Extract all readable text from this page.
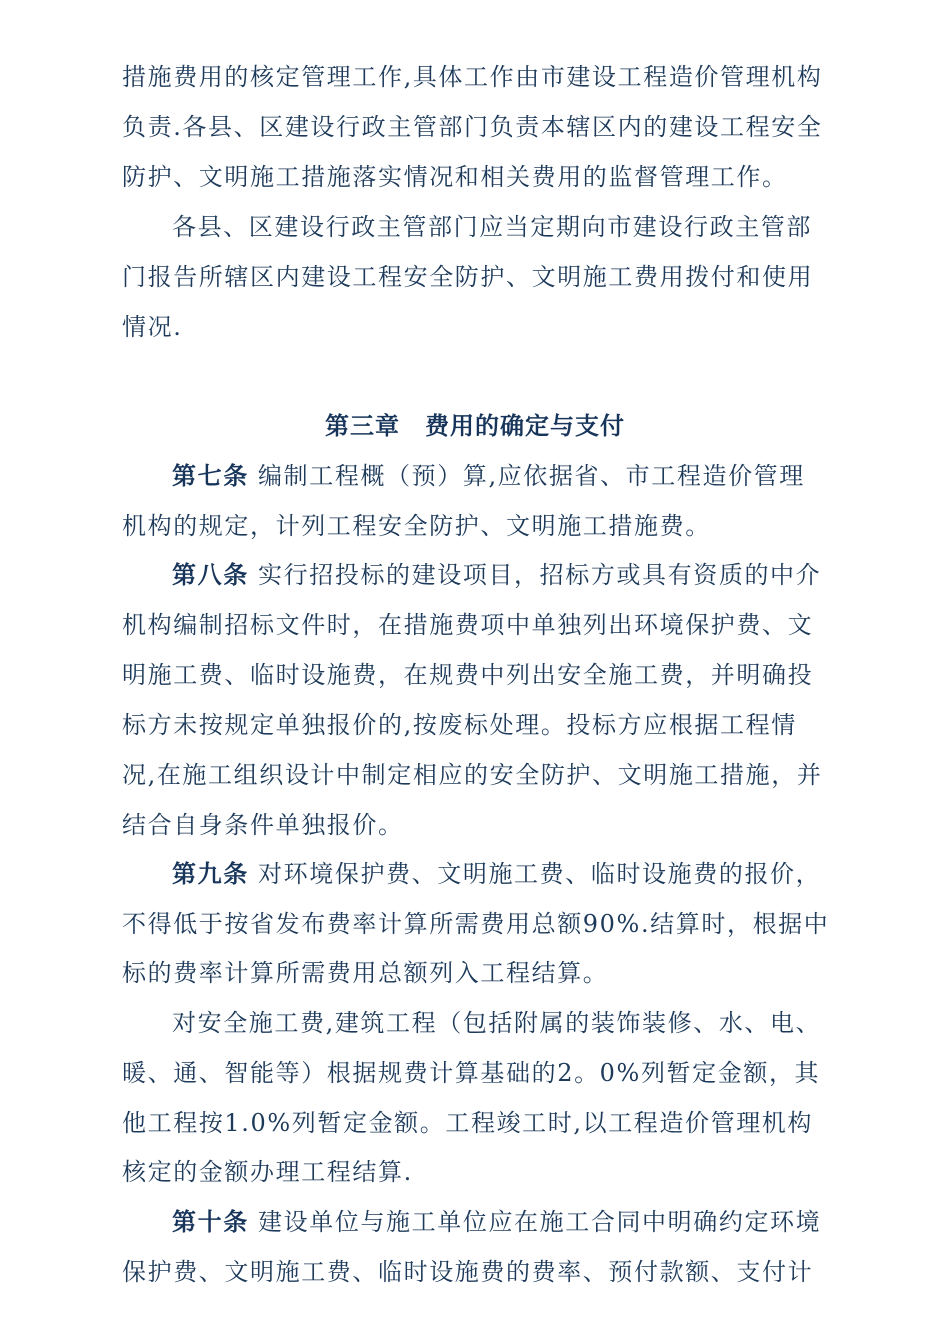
措施费用的核定管理工作,具体工作由市建设工程造价管理机构
负责.各县、区建设行政主管部门负责本辖区内的建设工程安全
防护、文明施工措施落实情况和相关费用的监督管理工作。
各县、区建设行政主管部门应当定期向市建设行政主管部
门报告所辖区内建设工程安全防护、文明施工费用拨付和使用
情况.
第三章　费用的确定与支付
第七条 编制工程概（预）算,应依据省、市工程造价管理
机构的规定，计列工程安全防护、文明施工措施费。
第八条 实行招投标的建设项目，招标方或具有资质的中介
机构编制招标文件时，在措施费项中单独列出环境保护费、文
明施工费、临时设施费，在规费中列出安全施工费，并明确投
标方未按规定单独报价的,按废标处理。投标方应根据工程情
况,在施工组织设计中制定相应的安全防护、文明施工措施，并
结合自身条件单独报价。
第九条 对环境保护费、文明施工费、临时设施费的报价，
不得低于按省发布费率计算所需费用总额90%.结算时，根据中
标的费率计算所需费用总额列入工程结算。
对安全施工费,建筑工程（包括附属的装饰装修、水、电、
暖、通、智能等）根据规费计算基础的2。0%列暂定金额，其
他工程按1.0%列暂定金额。工程竣工时,以工程造价管理机构
核定的金额办理工程结算.
第十条 建设单位与施工单位应在施工合同中明确约定环境
保护费、文明施工费、临时设施费的费率、预付款额、支付计
